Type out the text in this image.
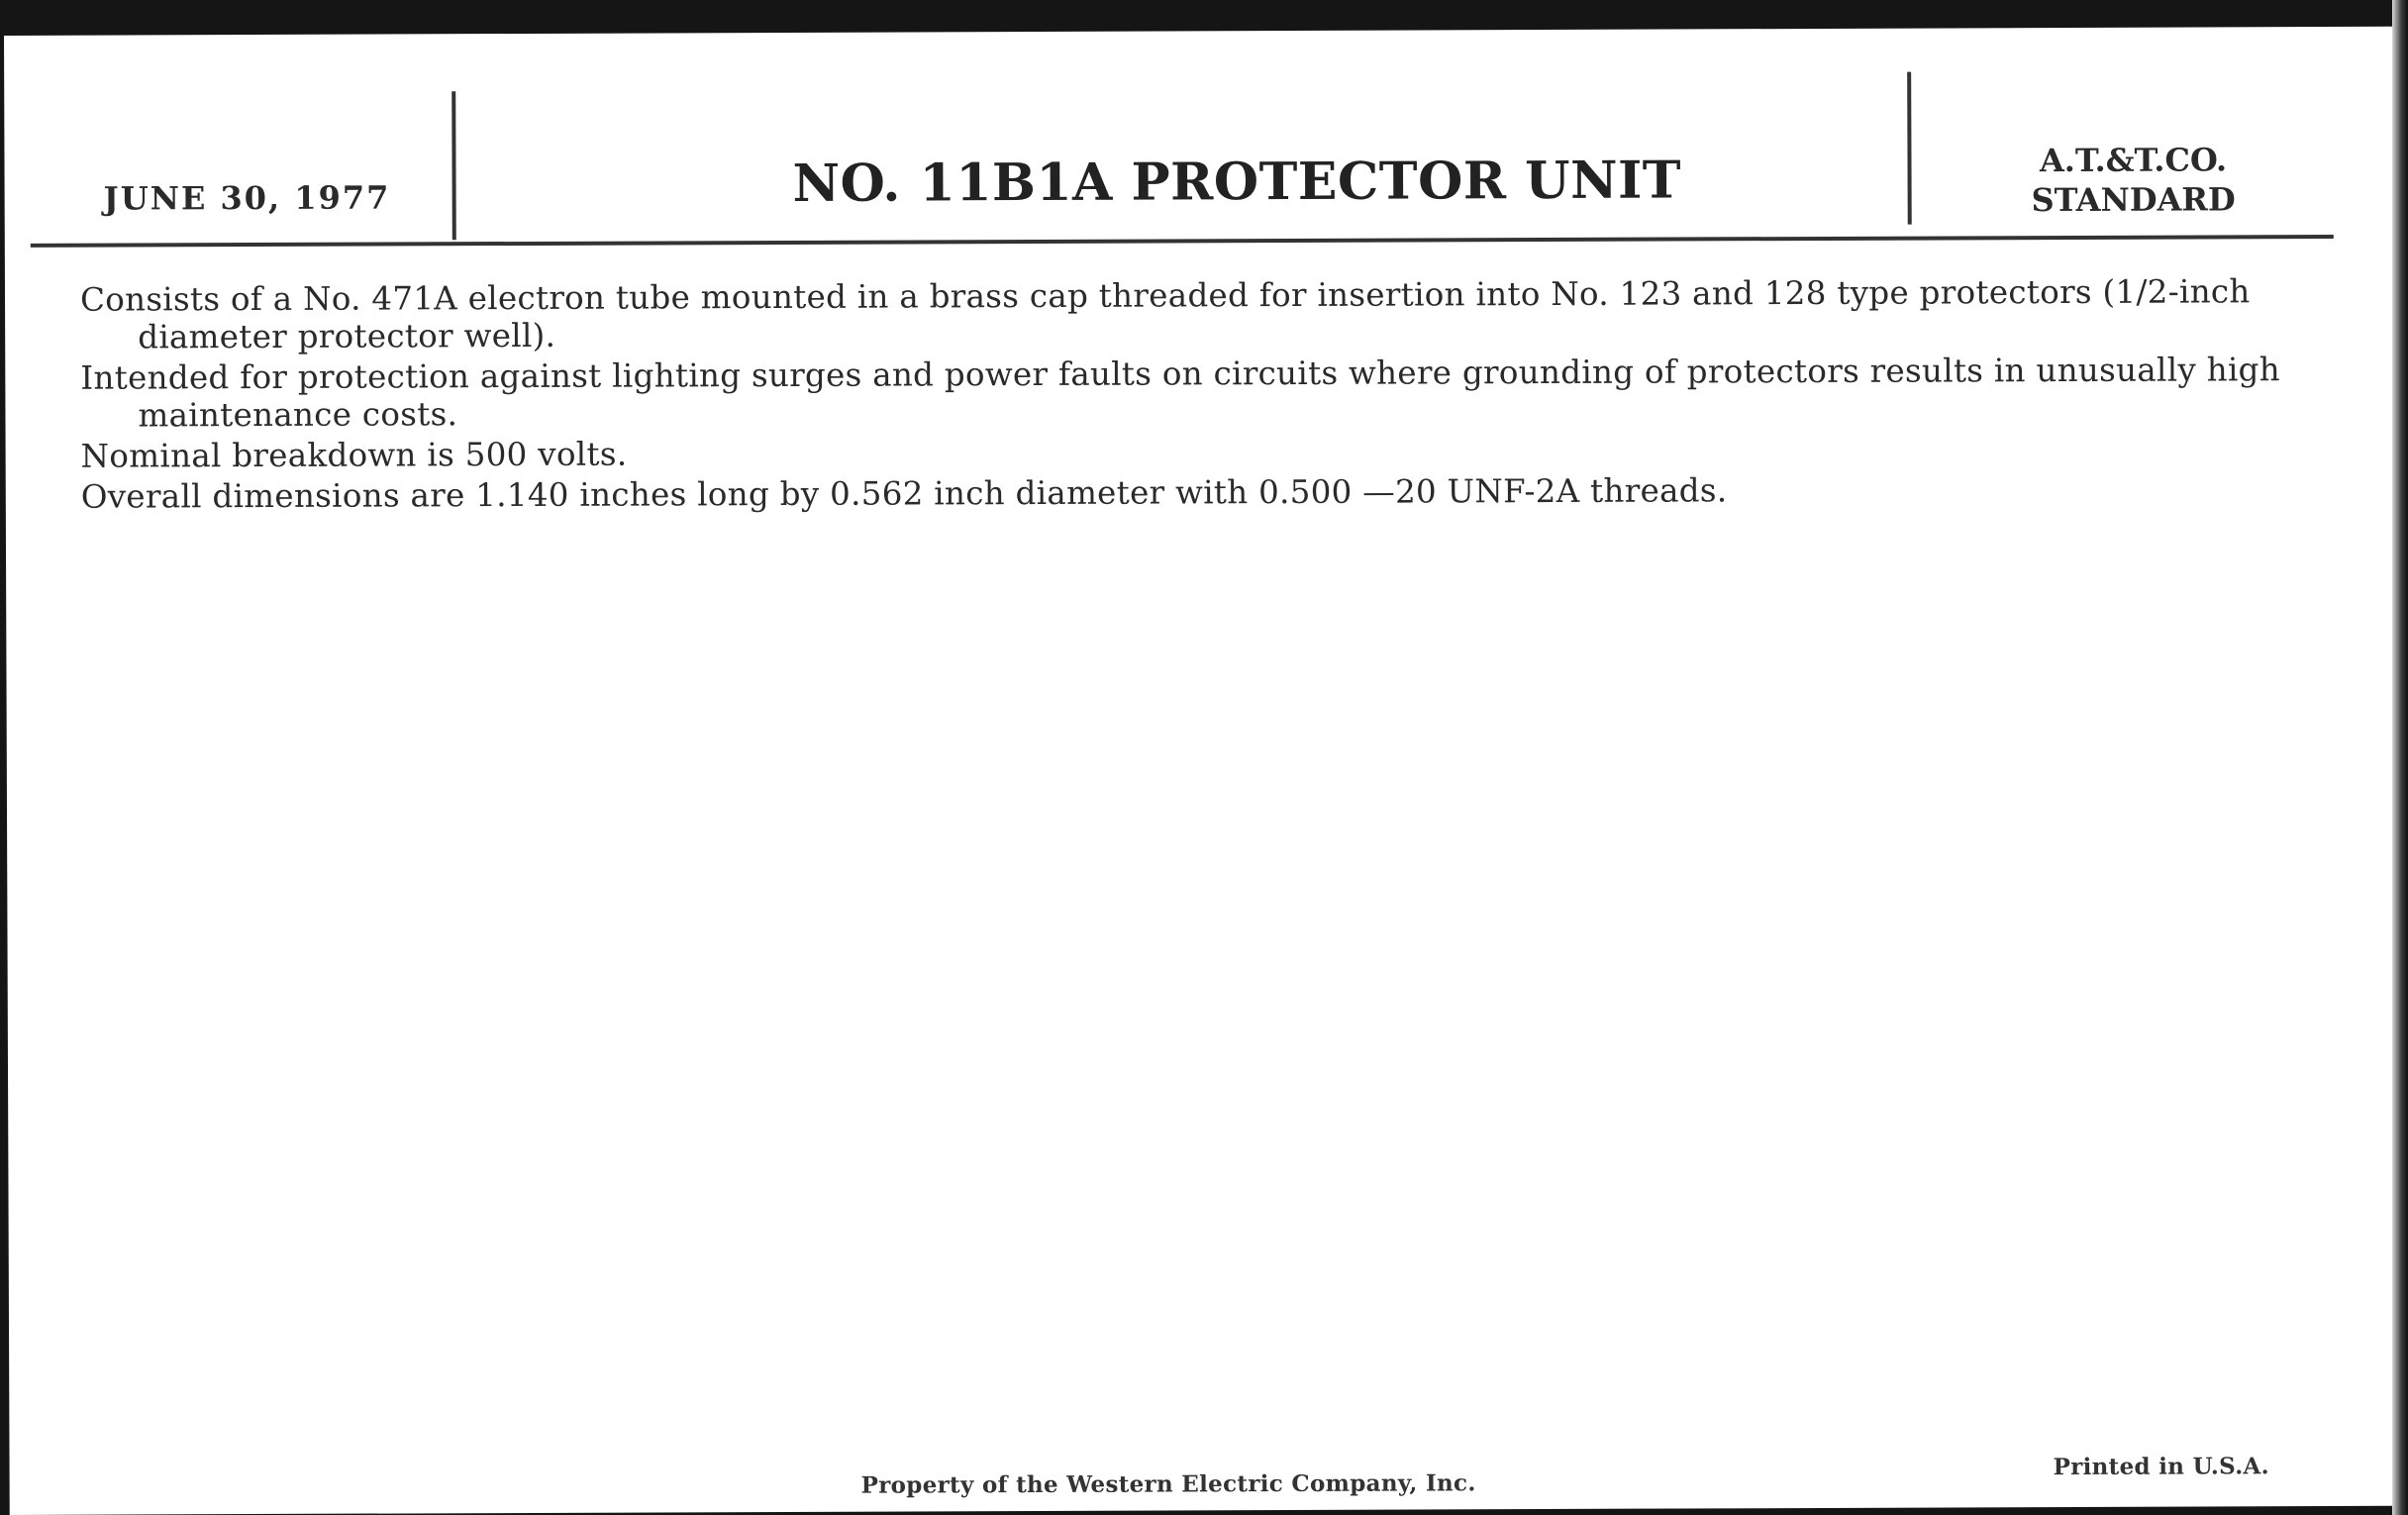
JUNE 30, 1977	NO. 11B1A PROTECTOR UNIT	A.T.&T.CO.
STANDARD

Consists of a No. 471A electron tube mounted in a brass cap threaded for insertion into No. 123 and 128 type protectors (1/2-inch diameter protector well).

Intended for protection against lighting surges and power faults on circuits where grounding of protectors results in unusually high maintenance costs.

Nominal breakdown is 500 volts.

Overall dimensions are 1.140 inches long by 0.562 inch diameter with 0.500 —20 UNF-2A threads.

Property of the Western Electric Company, Inc.
Printed in U.S.A.
